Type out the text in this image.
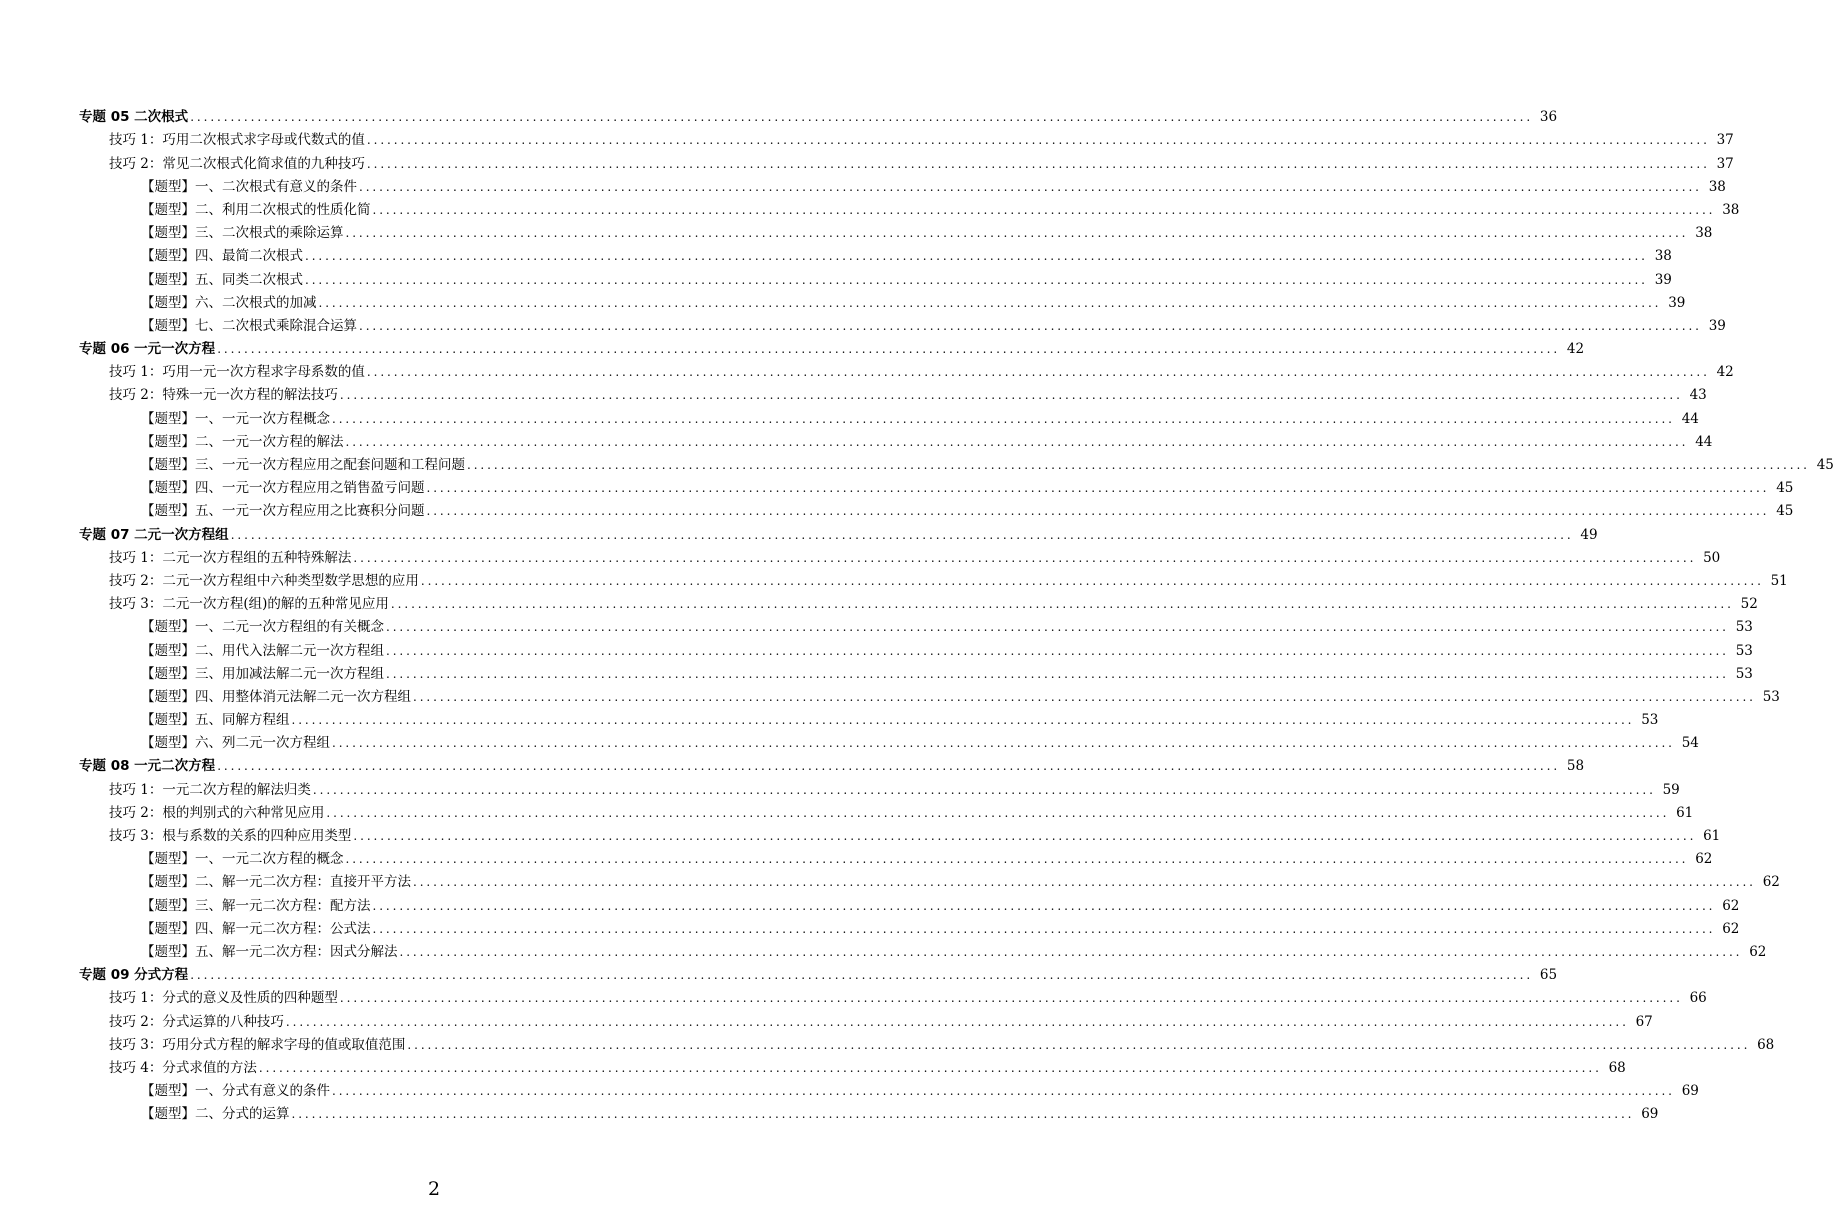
专题 05 二次根式 ........................................................................................................................................................................................................ 36
技巧 1：巧用二次根式求字母或代数式的值 ........................................................................................................................................................................................................ 37
技巧 2：常见二次根式化简求值的九种技巧 ........................................................................................................................................................................................................ 37
【题型】一、二次根式有意义的条件 ........................................................................................................................................................................................................ 38
【题型】二、利用二次根式的性质化简 ........................................................................................................................................................................................................ 38
【题型】三、二次根式的乘除运算 ........................................................................................................................................................................................................ 38
【题型】四、最简二次根式 ........................................................................................................................................................................................................ 38
【题型】五、同类二次根式 ........................................................................................................................................................................................................ 39
【题型】六、二次根式的加减 ........................................................................................................................................................................................................ 39
【题型】七、二次根式乘除混合运算 ........................................................................................................................................................................................................ 39
专题 06 一元一次方程 ........................................................................................................................................................................................................ 42
技巧 1：巧用一元一次方程求字母系数的值 ........................................................................................................................................................................................................ 42
技巧 2：特殊一元一次方程的解法技巧 ........................................................................................................................................................................................................ 43
【题型】一、一元一次方程概念 ........................................................................................................................................................................................................ 44
【题型】二、一元一次方程的解法 ........................................................................................................................................................................................................ 44
【题型】三、一元一次方程应用之配套问题和工程问题 ........................................................................................................................................................................................................ 45
【题型】四、一元一次方程应用之销售盈亏问题 ........................................................................................................................................................................................................ 45
【题型】五、一元一次方程应用之比赛积分问题 ........................................................................................................................................................................................................ 45
专题 07 二元一次方程组 ........................................................................................................................................................................................................ 49
技巧 1：二元一次方程组的五种特殊解法 ........................................................................................................................................................................................................ 50
技巧 2：二元一次方程组中六种类型数学思想的应用 ........................................................................................................................................................................................................ 51
技巧 3：二元一次方程(组)的解的五种常见应用 ........................................................................................................................................................................................................ 52
【题型】一、二元一次方程组的有关概念 ........................................................................................................................................................................................................ 53
【题型】二、用代入法解二元一次方程组 ........................................................................................................................................................................................................ 53
【题型】三、用加减法解二元一次方程组 ........................................................................................................................................................................................................ 53
【题型】四、用整体消元法解二元一次方程组 ........................................................................................................................................................................................................ 53
【题型】五、同解方程组 ........................................................................................................................................................................................................ 53
【题型】六、列二元一次方程组 ........................................................................................................................................................................................................ 54
专题 08 一元二次方程 ........................................................................................................................................................................................................ 58
技巧 1：一元二次方程的解法归类 ........................................................................................................................................................................................................ 59
技巧 2：根的判别式的六种常见应用 ........................................................................................................................................................................................................ 61
技巧 3：根与系数的关系的四种应用类型 ........................................................................................................................................................................................................ 61
【题型】一、一元二次方程的概念 ........................................................................................................................................................................................................ 62
【题型】二、解一元二次方程：直接开平方法 ........................................................................................................................................................................................................ 62
【题型】三、解一元二次方程：配方法 ........................................................................................................................................................................................................ 62
【题型】四、解一元二次方程：公式法 ........................................................................................................................................................................................................ 62
【题型】五、解一元二次方程：因式分解法 ........................................................................................................................................................................................................ 62
专题 09 分式方程 ........................................................................................................................................................................................................ 65
技巧 1：分式的意义及性质的四种题型 ........................................................................................................................................................................................................ 66
技巧 2：分式运算的八种技巧 ........................................................................................................................................................................................................ 67
技巧 3：巧用分式方程的解求字母的值或取值范围 ........................................................................................................................................................................................................ 68
技巧 4：分式求值的方法 ........................................................................................................................................................................................................ 68
【题型】一、分式有意义的条件 ........................................................................................................................................................................................................ 69
【题型】二、分式的运算 ........................................................................................................................................................................................................ 69
2
